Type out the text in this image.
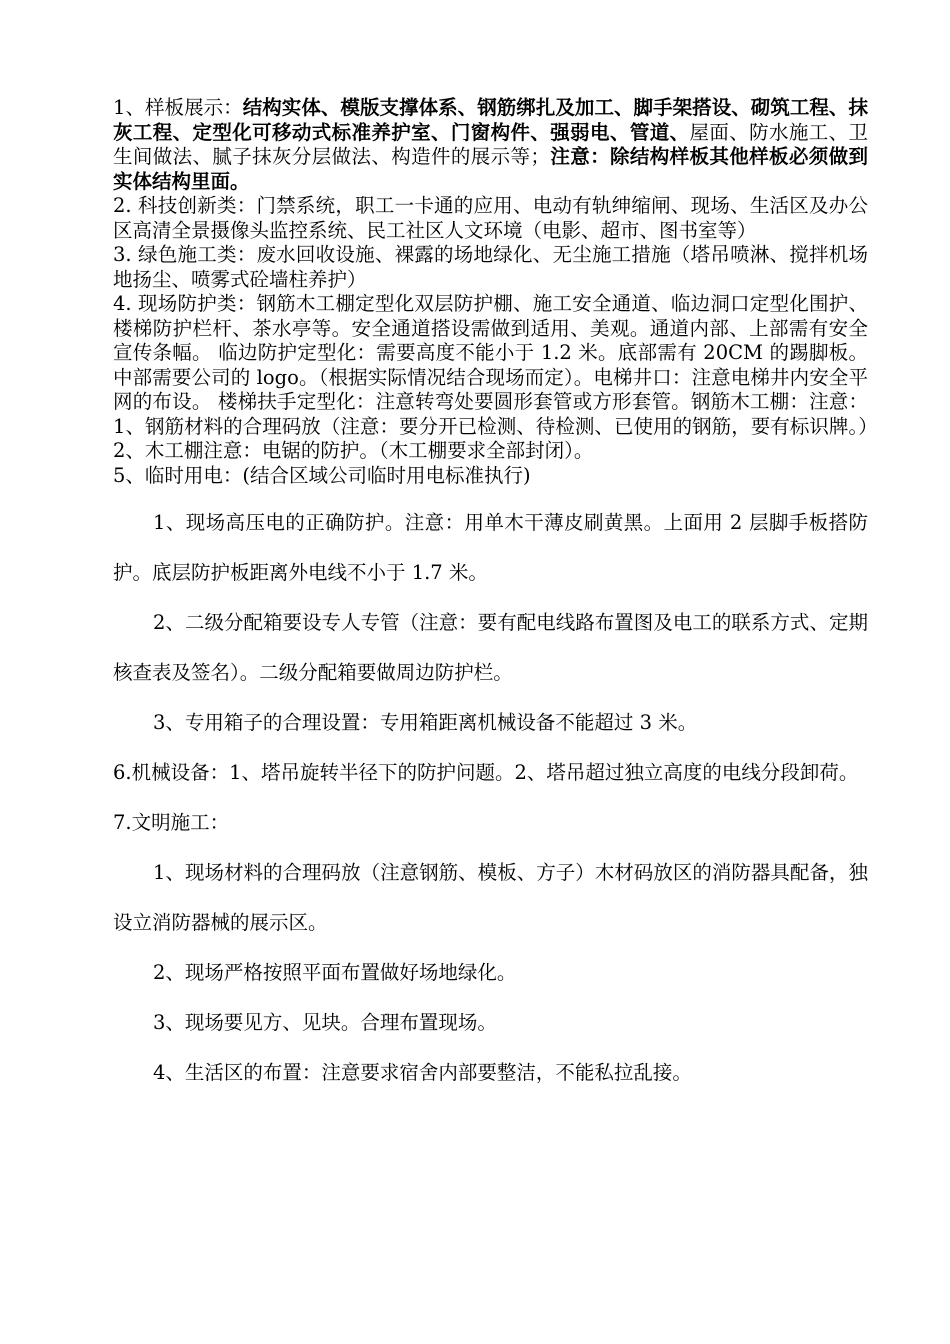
1、样板展示：结构实体、模版支撑体系、钢筋绑扎及加工、脚手架搭设、砌筑工程、抹灰工程、定型化可移动式标准养护室、门窗构件、强弱电、管道、屋面、防水施工、卫生间做法、腻子抹灰分层做法、构造件的展示等；注意：除结构样板其他样板必须做到实体结构里面。

2. 科技创新类：门禁系统，职工一卡通的应用、电动有轨绅缩闸、现场、生活区及办公区高清全景摄像头监控系统、民工社区人文环境（电影、超市、图书室等）

3. 绿色施工类：废水回收设施、裸露的场地绿化、无尘施工措施（塔吊喷淋、搅拌机场地扬尘、喷雾式砼墙柱养护）

4. 现场防护类：钢筋木工棚定型化双层防护棚、施工安全通道、临边洞口定型化围护、楼梯防护栏杆、茶水亭等。安全通道搭设需做到适用、美观。通道内部、上部需有安全宣传条幅。 临边防护定型化：需要高度不能小于 1.2 米。底部需有 20CM 的踢脚板。中部需要公司的 logo。（根据实际情况结合现场而定）。电梯井口：注意电梯井内安全平网的布设。 楼梯扶手定型化：注意转弯处要圆形套管或方形套管。钢筋木工棚：注意：1、钢筋材料的合理码放（注意：要分开已检测、待检测、已使用的钢筋，要有标识牌。）2、木工棚注意：电锯的防护。（木工棚要求全部封闭）。

5、临时用电：(结合区域公司临时用电标准执行)

1、现场高压电的正确防护。注意：用单木干薄皮刷黄黑。上面用 2 层脚手板搭防护。底层防护板距离外电线不小于 1.7 米。

2、二级分配箱要设专人专管（注意：要有配电线路布置图及电工的联系方式、定期核查表及签名）。二级分配箱要做周边防护栏。

3、专用箱子的合理设置：专用箱距离机械设备不能超过 3 米。

6.机械设备：1、塔吊旋转半径下的防护问题。2、塔吊超过独立高度的电线分段卸荷。

7.文明施工：

1、现场材料的合理码放（注意钢筋、模板、方子）木材码放区的消防器具配备，独设立消防器械的展示区。

2、现场严格按照平面布置做好场地绿化。

3、现场要见方、见块。合理布置现场。

4、生活区的布置：注意要求宿舍内部要整洁，不能私拉乱接。
